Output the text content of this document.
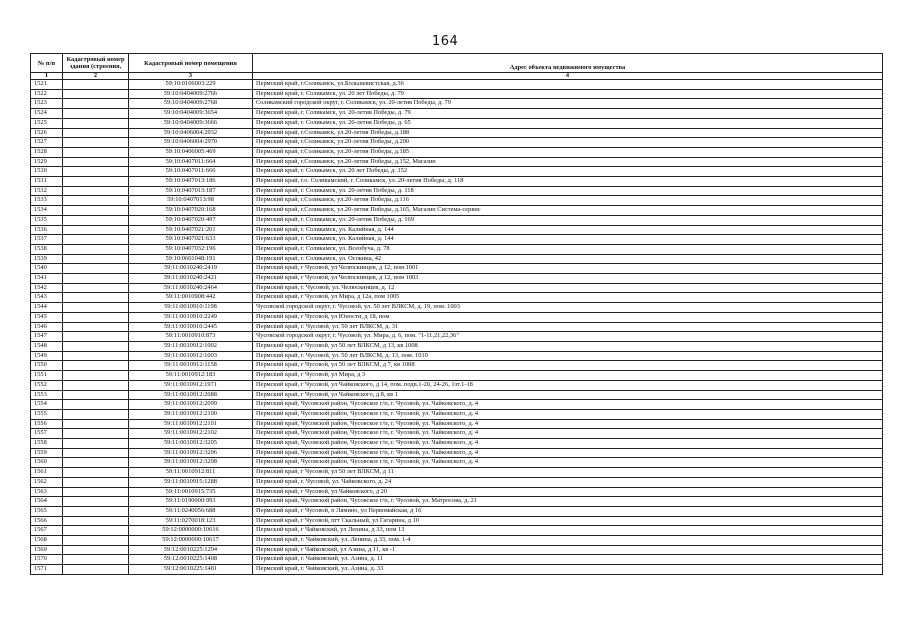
164
№ п/п	Кадастровый номер здания (строения,	Кадастровый номер помещения	Адрес объекта недвижимого имущества
1	2	3	4
1521		59:10:0106003:229	Пермский край, г.Соликамск, ул.Большевистская, д.36
1522		59:10:0404009:2766	Пермский край, г. Соликамск, ул. 20 лет Победы, д. 79
1523		59:10:0404009:2768	Соликамский городской округ, г. Соликамск, ул. 20-летия Победы, д. 79
1524		59:10:0404009:3654	Пермский край, г. Соликамск, ул. 20-летия Победы, д. 79
1525		59:10:0404009:3666	Пермский край, г. Соликамск, ул. 20-летия Победы, д. 65
1526		59:10:0406004:2932	Пермский край, г.Соликамск, ул.20-летия Победы, д.188
1527		59:10:0406004:2970	Пермский край, г.Соликамск, ул.20-летия Победы, д.200
1528		59:10:0406005:469	Пермский край, г.Соликамск, ул.20-летия Победы, д.185
1529		59:10:0407011:664	Пермский край, г.Соликамск, ул.20-летия Победы, д.152, Магазин
1530		59:10:0407011:666	Пермский край, г. Соликамск, ул. 20 лет Победы, д. 152
1531		59:10:0407013:186	Пермский край, г.о. Соликамский, г. Соликамск, ул. 20-летия Победы, д. 118
1532		59:10:0407013:187	Пермский край, г. Соликамск, ул. 20-летия Победы, д. 118
1533		59:10:0407013:98	Пермский край, г.Соликамск, ул.20-летия Победы, д.116
1534		59:10:0407020:168	Пермский край, г.Соликамск, ул.20-летия Победы, д.165, Магазин Система-сервис
1535		59:10:0407020:497	Пермский край, г. Соликамск, ул. 20-летия Победы, д. 169
1536		59:10:0407021:201	Пермский край, г. Соликамск, ул. Калийная, д. 144
1537		59:10:0407021:633	Пермский край, г. Соликамск, ул. Калийная, д. 144
1538		59:10:0407032:196	Пермский край, г. Соликамск, ул. Всеобуча, д. 78
1539		59:10:0601048:191	Пермский край, г. Соликамск, ул. Осокина, 42
1540		59:11:0010240:2419	Пермский край, г Чусовой, ул Челюскинцев, д 12, пом 1001
1541		59:11:0010240:2421	Пермский край, г Чусовой, ул Челюскинцев, д 12, пом 1003
1542		59:11:0010240:2464	Пермский край, г. Чусовой, ул. Челюскинцев, д. 12
1543		59:11:0010908:442	Пермский край, г Чусовой, ул Мира, д 12а, пом 1005
1544		59:11:0010910:1198	Чусовской городской округ, г. Чусовой, ул. 50 лет ВЛКСМ, д. 19, пом. 1003
1545		59:11:0010910:2249	Пермский край, г Чусовой, ул Юности, д 18, пом
1546		59:11:0010910:2445	Пермский край, г. Чусовой, ул. 50 лет ВЛКСМ, д. 31
1547		59:11:0010910:873	Чусовской городской округ, г. Чусовой, ул. Мира, д. 6, пом. "1-11,21,22,36"
1548		59:11:0010912:1002	Пермский край, г Чусовой, ул 50 лет ВЛКСМ, д 13, кв 1008
1549		59:11:0010912:1003	Пермский край, г. Чусовой, ул. 50 лет ВЛКСМ, д. 13, пом. 1010
1550		59:11:0010912:1158	Пермский край, г Чусовой, ул 50 лет ВЛКСМ, д 7, кв 1008
1551		59:11:0010912:183	Пермский край, г Чусовой, ул Мира, д 3
1552		59:11:0010912:1971	Пермский край, г Чусовой, ул Чайковского, д 14, пом. подв.1-20, 24-26, 1эт.1-18
1553		59:11:0010912:2088	Пермский край, г Чусовой, ул Чайковского, д 8, кв 1
1554		59:11:0010912:2099	Пермский край, Чусовской район, Чусовское г/п, г. Чусовой, ул. Чайковского, д. 4
1555		59:11:0010912:2100	Пермский край, Чусовской район, Чусовское г/п, г. Чусовой, ул. Чайковского, д. 4
1556		59:11:0010912:2101	Пермский край, Чусовской район, Чусовское г/п, г. Чусовой, ул. Чайковского, д. 4
1557		59:11:0010912:2102	Пермский край, Чусовской район, Чусовское г/п, г. Чусовой, ул. Чайковского, д. 4
1558		59:11:0010912:3205	Пермский край, Чусовской район, Чусовское г/п, г. Чусовой, ул. Чайковского, д. 4
1559		59:11:0010912:3206	Пермский край, Чусовской район, Чусовское г/п, г. Чусовой, ул. Чайковского, д. 4
1560		59:11:0010912:3208	Пермский край, Чусовской район, Чусовское г/п, г. Чусовой, ул. Чайковского, д. 4
1561		59:11:0010912:811	Пермский край, г Чусовой, ул 50 лет ВЛКСМ, д 11
1562		59:11:0010915:1288	Пермский край, г. Чусовой, ул. Чайковского, д. 24
1563		59:11:0010915:735	Пермский край, г Чусовой, ул Чайковского, д 20
1564		59:11:0190000:993	Пермский край, Чусовской район, Чусовское г/п, г. Чусовой, ул. Матросова, д. 21
1565		59:11:0240056:688	Пермский край, г Чусовой, п Лямино, ул Первомайская, д 16
1566		59:11:0270018:123	Пермский край, г Чусовой, пгт Скальный, ул Гагарина, д 10
1567		59:12:0000000:10616	Пермский край, г Чайковский, ул Ленина, д 33, пом 13
1568		59:12:0000000:10617	Пермский край, г. Чайковский, ул. Ленина, д.33, пом. 1-4
1569		59:12:0010225:1294	Пермский край, г Чайковский, ул Азина, д 11, кв -1
1570		59:12:0010225:1408	Пермский край, г. Чайковский, ул. Азина, д. 11
1571		59:12:0010225:1481	Пермский край, г. Чайковский, ул. Азина, д. 33
